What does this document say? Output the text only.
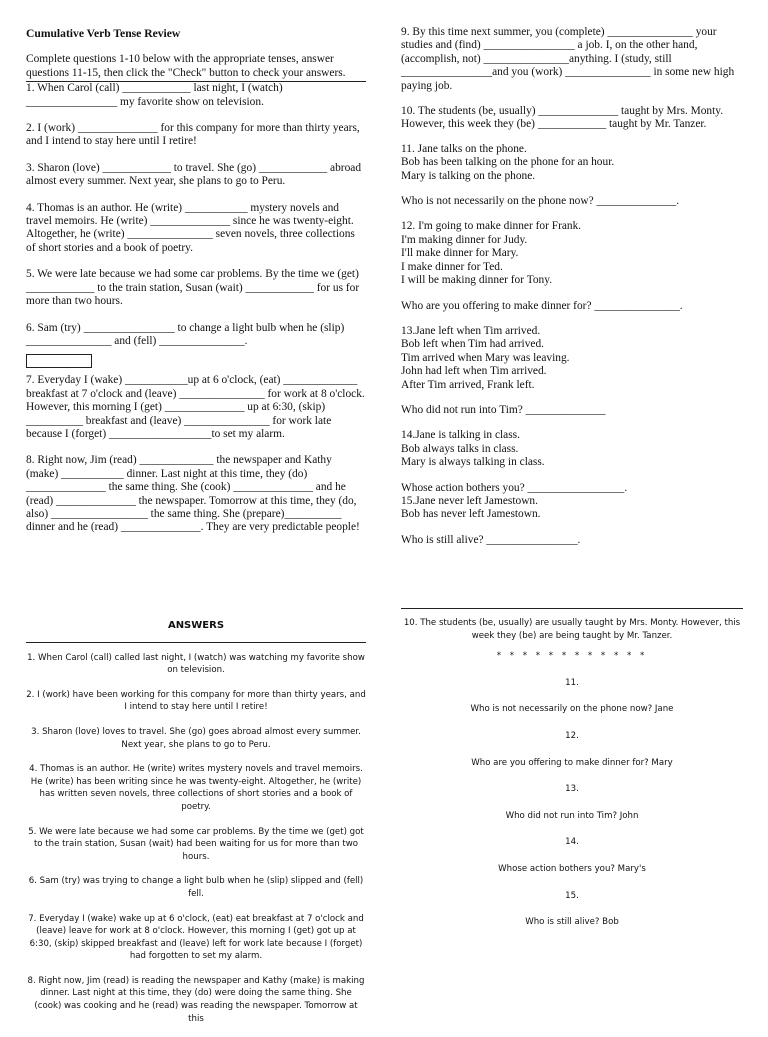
Cumulative Verb Tense Review
Complete questions 1-10 below with the appropriate tenses, answer questions 11-15, then click the "Check" button to check your answers.
1. When Carol (call) ____________ last night, I (watch) ________________ my favorite show on television.
2. I (work) ______________ for this company for more than thirty years, and I intend to stay here until I retire!
3. Sharon (love) ____________ to travel. She (go) ____________ abroad almost every summer. Next year, she plans to go to Peru.
4. Thomas is an author. He (write) ___________ mystery novels and travel memoirs. He (write) ______________ since he was twenty-eight. Altogether, he (write) _______________ seven novels, three collections of short stories and a book of poetry.
5. We were late because we had some car problems. By the time we (get) ____________ to the train station, Susan (wait) ____________ for us for more than two hours.
6. Sam (try) ________________ to change a light bulb when he (slip) _______________ and (fell) _______________.
7. Everyday I (wake) ___________up at 6 o'clock, (eat) _____________ breakfast at 7 o'clock and (leave) _______________ for work at 8 o'clock. However, this morning I (get) ______________ up at 6:30, (skip) __________ breakfast and (leave) _______________ for work late because I (forget) __________________to set my alarm.
8. Right now, Jim (read) _____________ the newspaper and Kathy (make) ___________ dinner. Last night at this time, they (do) ______________ the same thing. She (cook) ______________ and he (read) ______________ the newspaper. Tomorrow at this time, they (do, also) _________________ the same thing. She (prepare)__________ dinner and he (read) ______________. They are very predictable people!
9. By this time next summer, you (complete) _______________ your studies and (find) ________________ a job. I, on the other hand, (accomplish, not) _______________anything. I (study, still ________________and you (work) _______________ in some new high paying job.
10. The students (be, usually) ______________ taught by Mrs. Monty. However, this week they (be) ____________ taught by Mr. Tanzer.
11. Jane talks on the phone.
Bob has been talking on the phone for an hour.
Mary is talking on the phone.
Who is not necessarily on the phone now? ______________.
12. I'm going to make dinner for Frank.
I'm making dinner for Judy.
I'll make dinner for Mary.
I make dinner for Ted.
I will be making dinner for Tony.
Who are you offering to make dinner for? _______________.
13.Jane left when Tim arrived.
Bob left when Tim had arrived.
Tim arrived when Mary was leaving.
John had left when Tim arrived.
After Tim arrived, Frank left.
Who did not run into Tim? ______________
14.Jane is talking in class.
Bob always talks in class.
Mary is always talking in class.
Whose action bothers you? _________________.
15.Jane never left Jamestown.
Bob has never left Jamestown.
Who is still alive? ________________.
ANSWERS
1. When Carol (call) called last night, I (watch) was watching my favorite show on television.
2. I (work) have been working for this company for more than thirty years, and I intend to stay here until I retire!
3. Sharon (love) loves to travel. She (go) goes abroad almost every summer. Next year, she plans to go to Peru.
4. Thomas is an author. He (write) writes mystery novels and travel memoirs. He (write) has been writing since he was twenty-eight. Altogether, he (write) has written seven novels, three collections of short stories and a book of poetry.
5. We were late because we had some car problems. By the time we (get) got to the train station, Susan (wait) had been waiting for us for more than two hours.
6. Sam (try) was trying to change a light bulb when he (slip) slipped and (fell) fell.
7. Everyday I (wake) wake up at 6 o'clock, (eat) eat breakfast at 7 o'clock and (leave) leave for work at 8 o'clock. However, this morning I (get) got up at 6:30, (skip) skipped breakfast and (leave) left for work late because I (forget) had forgotten to set my alarm.
8. Right now, Jim (read) is reading the newspaper and Kathy (make) is making dinner. Last night at this time, they (do) were doing the same thing. She (cook) was cooking and he (read) was reading the newspaper. Tomorrow at this
10. The students (be, usually) are usually taught by Mrs. Monty. However, this week they (be) are being taught by Mr. Tanzer.
* * * * * * * * * * * *
11.
Who is not necessarily on the phone now? Jane
12.
Who are you offering to make dinner for? Mary
13.
Who did not run into Tim? John
14.
Whose action bothers you? Mary's
15.
Who is still alive? Bob
